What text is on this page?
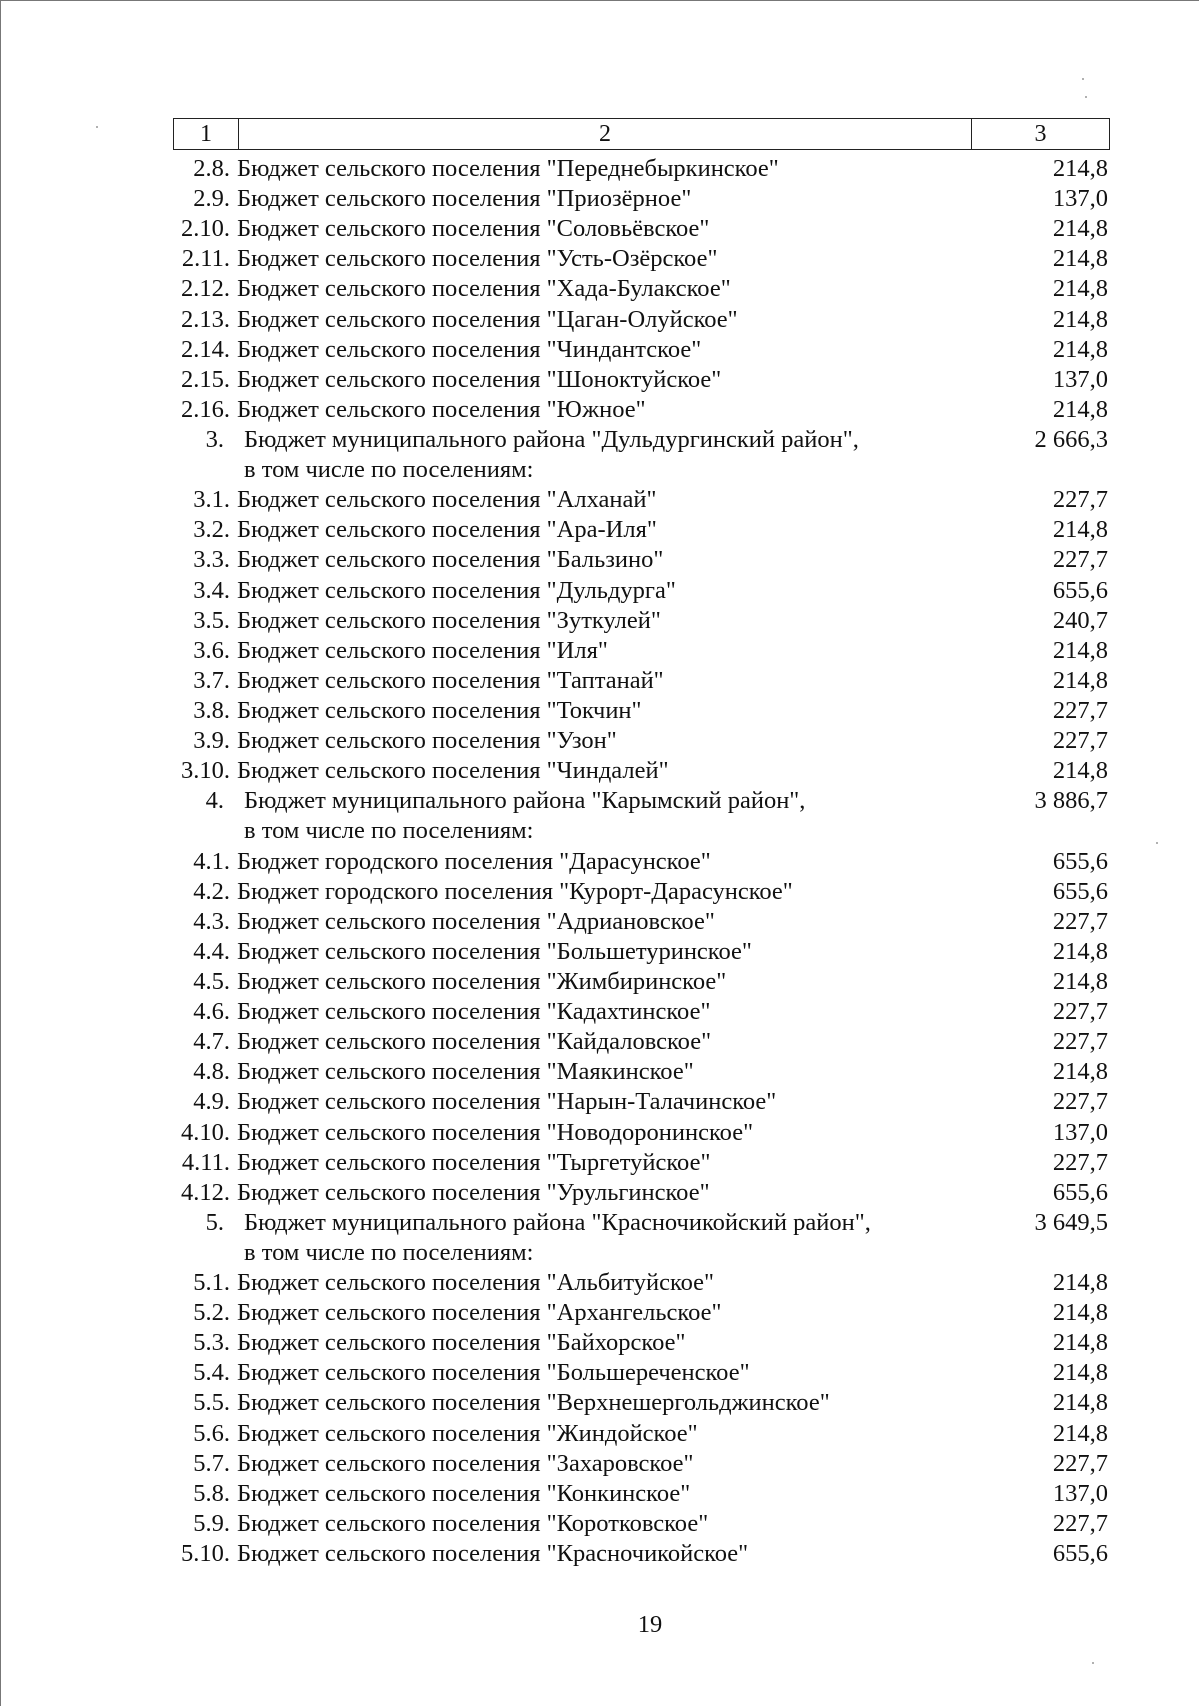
1	2	3
2.8. Бюджет сельского поселения "Переднебыркинское"	214,8
2.9. Бюджет сельского поселения "Приозёрное"	137,0
2.10. Бюджет сельского поселения "Соловьёвское"	214,8
2.11. Бюджет сельского поселения "Усть-Озёрское"	214,8
2.12. Бюджет сельского поселения "Хада-Булакское"	214,8
2.13. Бюджет сельского поселения "Цаган-Олуйское"	214,8
2.14. Бюджет сельского поселения "Чиндантское"	214,8
2.15. Бюджет сельского поселения "Шоноктуйское"	137,0
2.16. Бюджет сельского поселения "Южное"	214,8
3. Бюджет муниципального района "Дульдургинский район",	2 666,3
в том числе по поселениям:
3.1. Бюджет сельского поселения "Алханай"	227,7
3.2. Бюджет сельского поселения "Ара-Иля"	214,8
3.3. Бюджет сельского поселения "Бальзино"	227,7
3.4. Бюджет сельского поселения "Дульдурга"	655,6
3.5. Бюджет сельского поселения "Зуткулей"	240,7
3.6. Бюджет сельского поселения "Иля"	214,8
3.7. Бюджет сельского поселения "Таптанай"	214,8
3.8. Бюджет сельского поселения "Токчин"	227,7
3.9. Бюджет сельского поселения "Узон"	227,7
3.10. Бюджет сельского поселения "Чиндалей"	214,8
4. Бюджет муниципального района "Карымский район",	3 886,7
в том числе по поселениям:
4.1. Бюджет городского поселения "Дарасунское"	655,6
4.2. Бюджет городского поселения "Курорт-Дарасунское"	655,6
4.3. Бюджет сельского поселения "Адриановское"	227,7
4.4. Бюджет сельского поселения "Большетуринское"	214,8
4.5. Бюджет сельского поселения "Жимбиринское"	214,8
4.6. Бюджет сельского поселения "Кадахтинское"	227,7
4.7. Бюджет сельского поселения "Кайдаловское"	227,7
4.8. Бюджет сельского поселения "Маякинское"	214,8
4.9. Бюджет сельского поселения "Нарын-Талачинское"	227,7
4.10. Бюджет сельского поселения "Новодоронинское"	137,0
4.11. Бюджет сельского поселения "Тыргетуйское"	227,7
4.12. Бюджет сельского поселения "Урульгинское"	655,6
5. Бюджет муниципального района "Красночикойский район",	3 649,5
в том числе по поселениям:
5.1. Бюджет сельского поселения "Альбитуйское"	214,8
5.2. Бюджет сельского поселения "Архангельское"	214,8
5.3. Бюджет сельского поселения "Байхорское"	214,8
5.4. Бюджет сельского поселения "Большереченское"	214,8
5.5. Бюджет сельского поселения "Верхнешергольджинское"	214,8
5.6. Бюджет сельского поселения "Жиндойское"	214,8
5.7. Бюджет сельского поселения "Захаровское"	227,7
5.8. Бюджет сельского поселения "Конкинское"	137,0
5.9. Бюджет сельского поселения "Коротковское"	227,7
5.10. Бюджет сельского поселения "Красночикойское"	655,6
19
